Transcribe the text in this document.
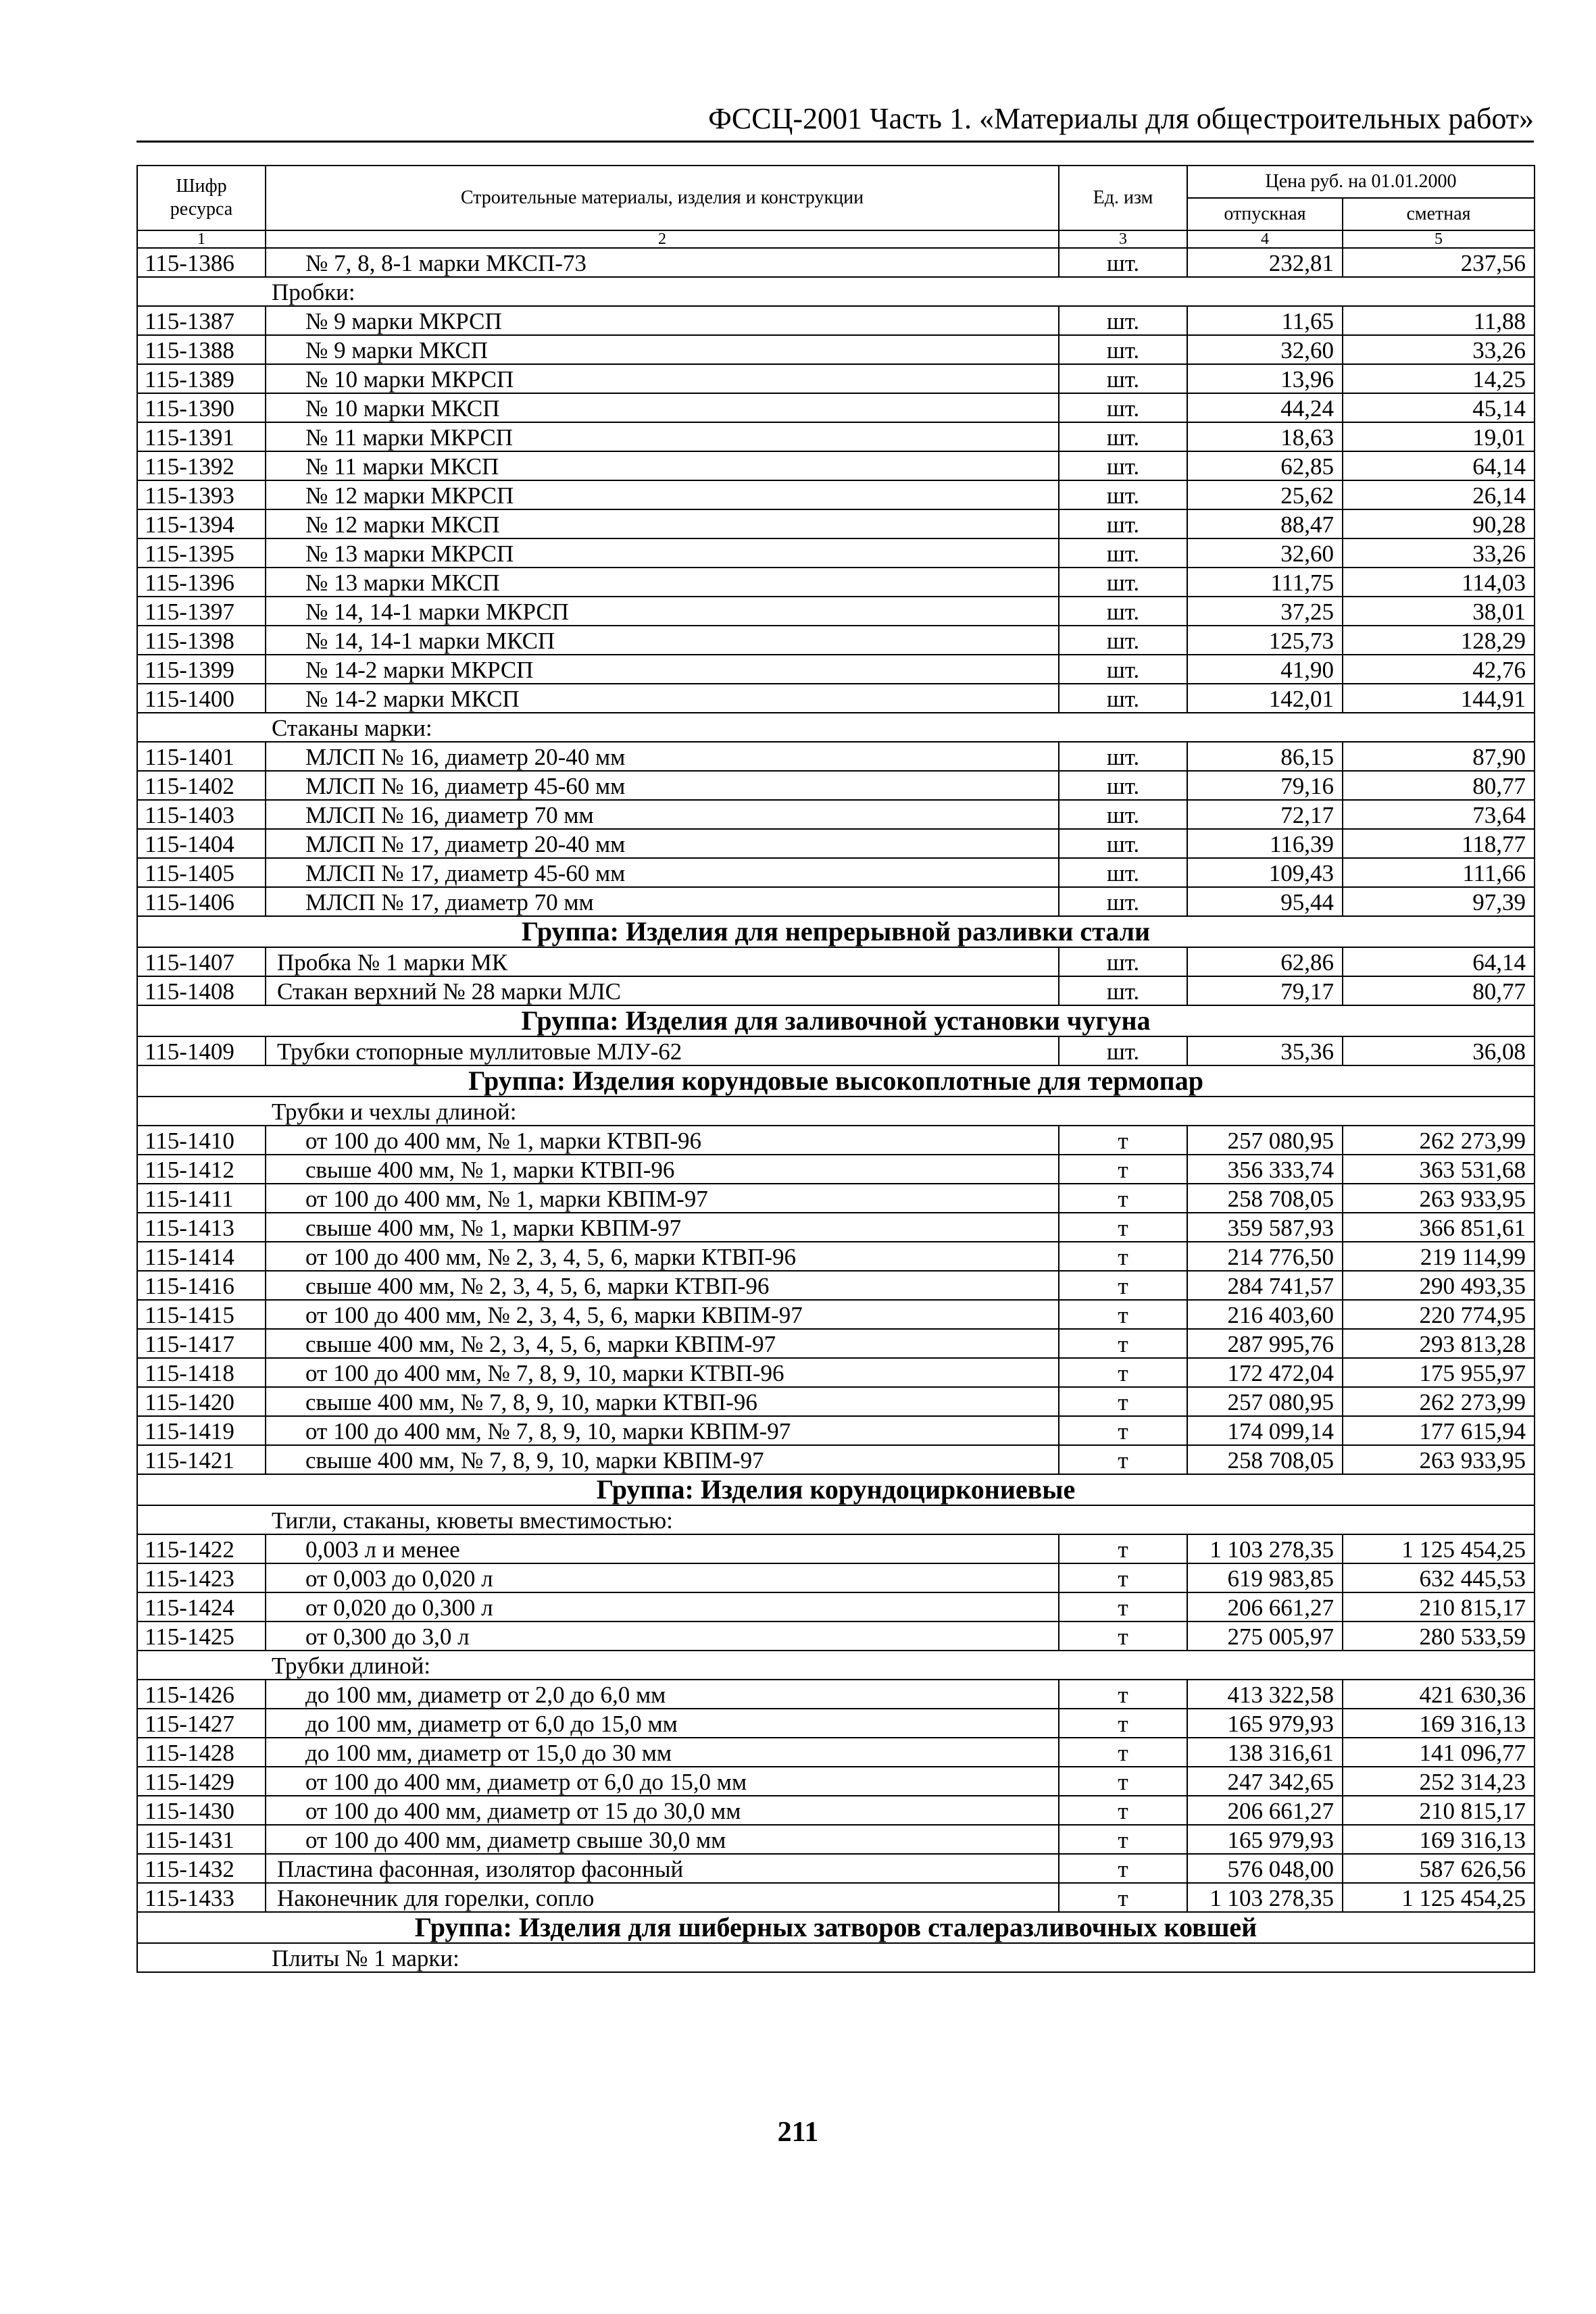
ФССЦ-2001 Часть 1. «Материалы для общестроительных работ»
Шифр ресурса	Строительные материалы, изделия и конструкции	Ед. изм	Цена руб. на 01.01.2000	
			отпускная	сметная
1	2	3	4	5
115-1386	№ 7, 8, 8-1 марки МКСП-73	шт.	232,81	237,56
Пробки:				
115-1387	№ 9 марки МКРСП	шт.	11,65	11,88
115-1388	№ 9 марки МКСП	шт.	32,60	33,26
115-1389	№ 10 марки МКРСП	шт.	13,96	14,25
115-1390	№ 10 марки МКСП	шт.	44,24	45,14
115-1391	№ 11 марки МКРСП	шт.	18,63	19,01
115-1392	№ 11 марки МКСП	шт.	62,85	64,14
115-1393	№ 12 марки МКРСП	шт.	25,62	26,14
115-1394	№ 12 марки МКСП	шт.	88,47	90,28
115-1395	№ 13 марки МКРСП	шт.	32,60	33,26
115-1396	№ 13 марки МКСП	шт.	111,75	114,03
115-1397	№ 14, 14-1 марки МКРСП	шт.	37,25	38,01
115-1398	№ 14, 14-1 марки МКСП	шт.	125,73	128,29
115-1399	№ 14-2 марки МКРСП	шт.	41,90	42,76
115-1400	№ 14-2 марки МКСП	шт.	142,01	144,91
Стаканы марки:				
115-1401	МЛСП № 16, диаметр 20-40 мм	шт.	86,15	87,90
115-1402	МЛСП № 16, диаметр 45-60 мм	шт.	79,16	80,77
115-1403	МЛСП № 16, диаметр 70 мм	шт.	72,17	73,64
115-1404	МЛСП № 17, диаметр 20-40 мм	шт.	116,39	118,77
115-1405	МЛСП № 17, диаметр 45-60 мм	шт.	109,43	111,66
115-1406	МЛСП № 17, диаметр 70 мм	шт.	95,44	97,39
Группа: Изделия для непрерывной разливки стали				
115-1407	Пробка № 1 марки МК	шт.	62,86	64,14
115-1408	Стакан верхний № 28 марки МЛС	шт.	79,17	80,77
Группа: Изделия для заливочной установки чугуна				
115-1409	Трубки стопорные муллитовые МЛУ-62	шт.	35,36	36,08
Группа: Изделия корундовые высокоплотные для термопар				
Трубки и чехлы длиной:				
115-1410	от 100 до 400 мм, № 1, марки КТВП-96	т	257 080,95	262 273,99
115-1412	свыше 400 мм, № 1, марки КТВП-96	т	356 333,74	363 531,68
115-1411	от 100 до 400 мм, № 1, марки КВПМ-97	т	258 708,05	263 933,95
115-1413	свыше 400 мм, № 1, марки КВПМ-97	т	359 587,93	366 851,61
115-1414	от 100 до 400 мм, № 2, 3, 4, 5, 6, марки КТВП-96	т	214 776,50	219 114,99
115-1416	свыше 400 мм, № 2, 3, 4, 5, 6, марки КТВП-96	т	284 741,57	290 493,35
115-1415	от 100 до 400 мм, № 2, 3, 4, 5, 6, марки КВПМ-97	т	216 403,60	220 774,95
115-1417	свыше 400 мм, № 2, 3, 4, 5, 6, марки КВПМ-97	т	287 995,76	293 813,28
115-1418	от 100 до 400 мм, № 7, 8, 9, 10, марки КТВП-96	т	172 472,04	175 955,97
115-1420	свыше 400 мм, № 7, 8, 9, 10, марки КТВП-96	т	257 080,95	262 273,99
115-1419	от 100 до 400 мм, № 7, 8, 9, 10, марки КВПМ-97	т	174 099,14	177 615,94
115-1421	свыше 400 мм, № 7, 8, 9, 10, марки КВПМ-97	т	258 708,05	263 933,95
Группа: Изделия корундоциркониевые				
Тигли, стаканы, кюветы вместимостью:				
115-1422	0,003 л и менее	т	1 103 278,35	1 125 454,25
115-1423	от 0,003 до 0,020 л	т	619 983,85	632 445,53
115-1424	от 0,020 до 0,300 л	т	206 661,27	210 815,17
115-1425	от 0,300 до 3,0 л	т	275 005,97	280 533,59
Трубки длиной:				
115-1426	до 100 мм, диаметр от 2,0 до 6,0 мм	т	413 322,58	421 630,36
115-1427	до 100 мм, диаметр от 6,0 до 15,0 мм	т	165 979,93	169 316,13
115-1428	до 100 мм, диаметр от 15,0 до 30 мм	т	138 316,61	141 096,77
115-1429	от 100 до 400 мм, диаметр от 6,0 до 15,0 мм	т	247 342,65	252 314,23
115-1430	от 100 до 400 мм, диаметр от 15 до 30,0 мм	т	206 661,27	210 815,17
115-1431	от 100 до 400 мм, диаметр свыше 30,0 мм	т	165 979,93	169 316,13
115-1432	Пластина фасонная, изолятор фасонный	т	576 048,00	587 626,56
115-1433	Наконечник для горелки, сопло	т	1 103 278,35	1 125 454,25
Группа: Изделия для шиберных затворов сталеразливочных ковшей				
Плиты № 1 марки:				
211
